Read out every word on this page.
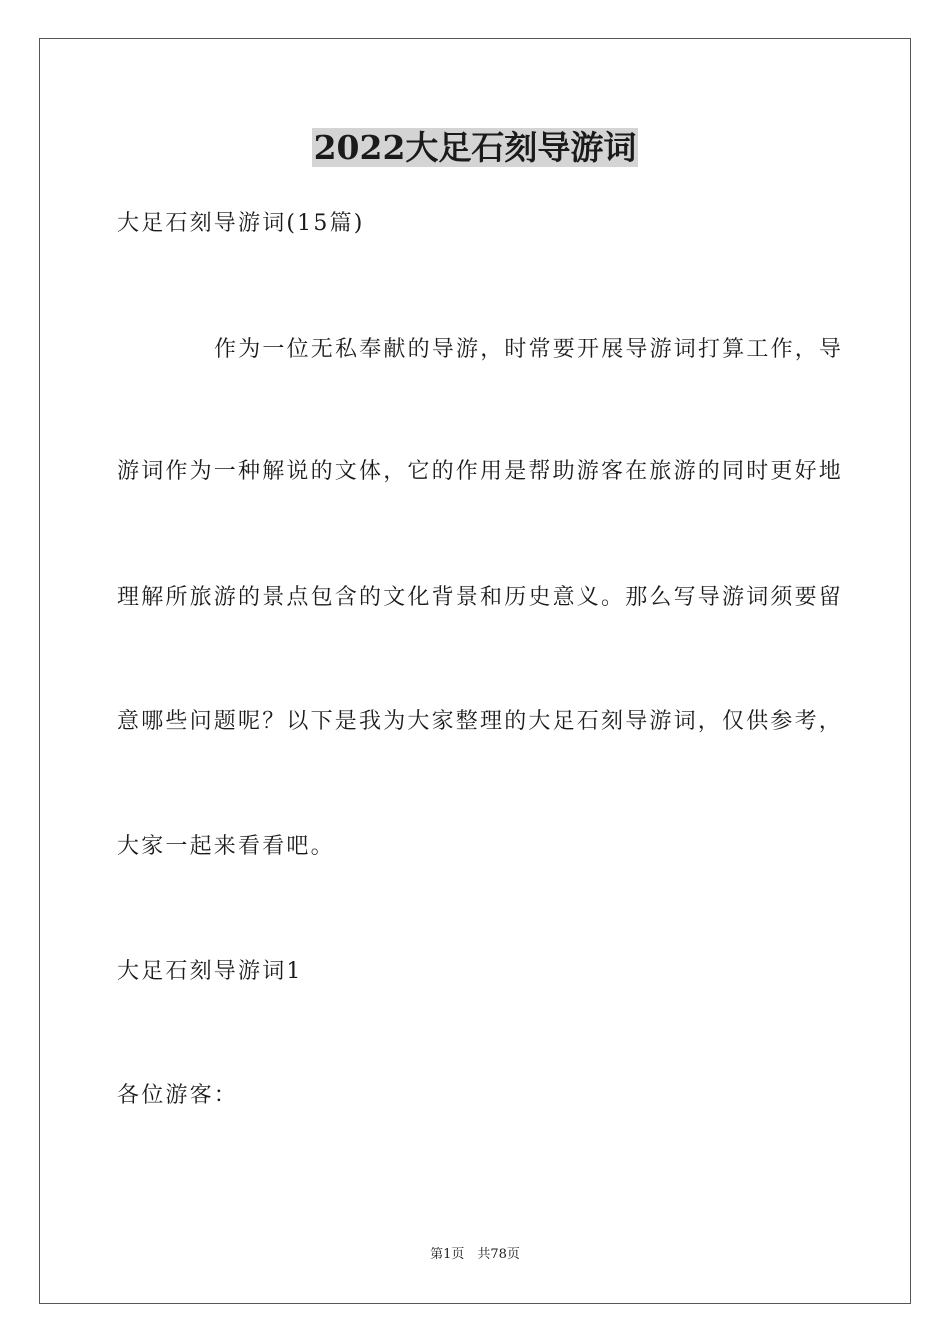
2022大足石刻导游词
大足石刻导游词(15篇)
作为一位无私奉献的导游，时常要开展导游词打算工作，导
游词作为一种解说的文体，它的作用是帮助游客在旅游的同时更好地
理解所旅游的景点包含的文化背景和历史意义。那么写导游词须要留
意哪些问题呢？以下是我为大家整理的大足石刻导游词，仅供参考，
大家一起来看看吧。
大足石刻导游词1
各位游客：
第1页　共78页
